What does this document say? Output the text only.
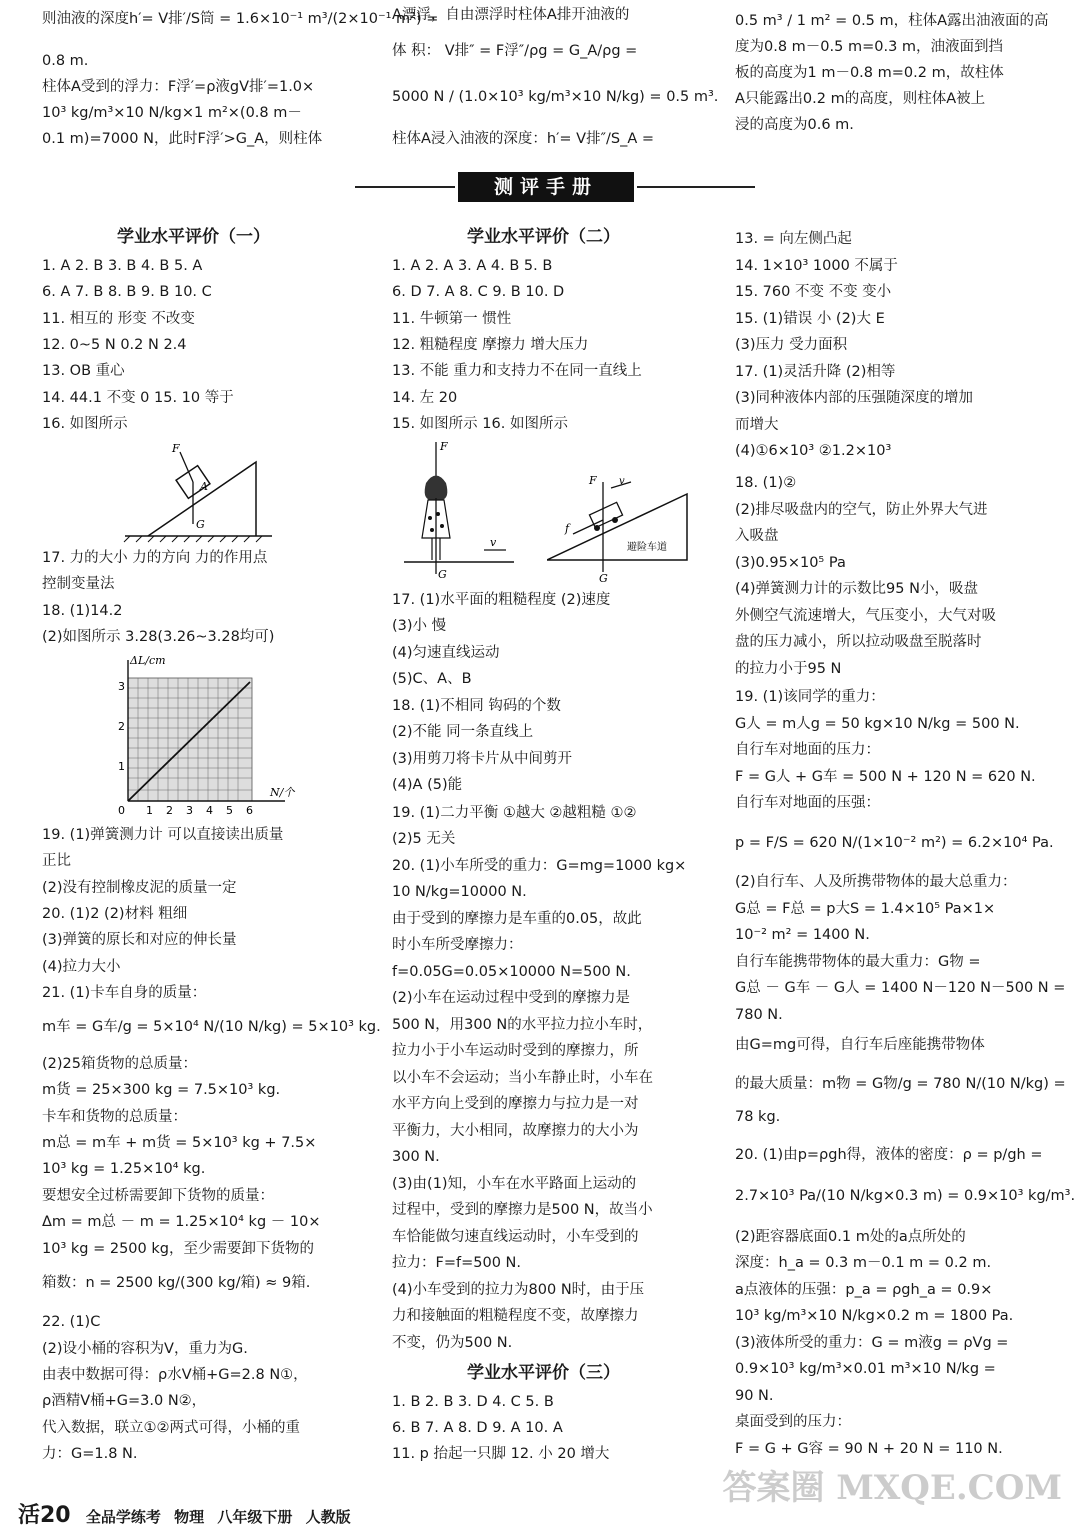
则油液的深度h′= V排′/S筒 = 1.6×10⁻¹ m³/(2×10⁻¹ m²) =
0.8 m.
柱体A受到的浮力：F浮′=ρ液gV排′=1.0×
10³ kg/m³×10 N/kg×1 m²×(0.8 m－
0.1 m)=7000 N，此时F浮′>G_A，则柱体
A漂浮，自由漂浮时柱体A排开油液的
体 积： V排″ = F浮″/ρg = G_A/ρg =
5000 N / (1.0×10³ kg/m³×10 N/kg) = 0.5 m³.
柱体A浸入油液的深度：h′= V排″/S_A =
0.5 m³ / 1 m² = 0.5 m，柱体A露出油液面的高
度为0.8 m－0.5 m=0.3 m，油液面到挡
板的高度为1 m－0.8 m=0.2 m，故柱体
A只能露出0.2 m的高度，则柱体A被上
浸的高度为0.6 m.
测评手册
学业水平评价（一）
1. A 2. B 3. B 4. B 5. A
6. A 7. B 8. B 9. B 10. C
11. 相互的 形变 不改变
12. 0~5 N 0.2 N 2.4
13. OB 重心
14. 44.1 不变 0 15. 10 等于
16. 如图所示
A
F
G
17. 力的大小 力的方向 力的作用点
控制变量法
18. (1)14.2
(2)如图所示 3.28(3.26~3.28均可)
ΔL/cm
N/个
3
2
1
0 1 2 3 4 5 6
19. (1)弹簧测力计 可以直接读出质量
正比
(2)没有控制橡皮泥的质量一定
20. (1)2 (2)材料 粗细
(3)弹簧的原长和对应的伸长量
(4)拉力大小
21. (1)卡车自身的质量：
m车 = G车/g = 5×10⁴ N/(10 N/kg) = 5×10³ kg.
(2)25箱货物的总质量：
m货 = 25×300 kg = 7.5×10³ kg.
卡车和货物的总质量：
m总 = m车 + m货 = 5×10³ kg + 7.5×
10³ kg = 1.25×10⁴ kg.
要想安全过桥需要卸下货物的质量：
Δm = m总 － m = 1.25×10⁴ kg － 10×
10³ kg = 2500 kg，至少需要卸下货物的
箱数：n = 2500 kg/(300 kg/箱) ≈ 9箱.
22. (1)C
(2)设小桶的容积为V，重力为G.
由表中数据可得：ρ水V桶+G=2.8 N①，
ρ酒精V桶+G=3.0 N②，
代入数据，联立①②两式可得，小桶的重
力：G=1.8 N.
学业水平评价（二）
1. A 2. A 3. A 4. B 5. B
6. D 7. A 8. C 9. B 10. D
11. 牛顿第一 惯性
12. 粗糙程度 摩擦力 增大压力
13. 不能 重力和支持力不在同一直线上
14. 左 20
15. 如图所示 16. 如图所示
F
G
v
F v
f
G
避险车道
17. (1)水平面的粗糙程度 (2)速度
(3)小 慢
(4)匀速直线运动
(5)C、A、B
18. (1)不相同 钩码的个数
(2)不能 同一条直线上
(3)用剪刀将卡片从中间剪开
(4)A (5)能
19. (1)二力平衡 ①越大 ②越粗糙 ①②
(2)5 无关
20. (1)小车所受的重力：G=mg=1000 kg×
10 N/kg=10000 N.
由于受到的摩擦力是车重的0.05，故此
时小车所受摩擦力：
f=0.05G=0.05×10000 N=500 N.
(2)小车在运动过程中受到的摩擦力是
500 N，用300 N的水平拉力拉小车时，
拉力小于小车运动时受到的摩擦力，所
以小车不会运动；当小车静止时，小车在
水平方向上受到的摩擦力与拉力是一对
平衡力，大小相同，故摩擦力的大小为
300 N.
(3)由(1)知，小车在水平路面上运动的
过程中，受到的摩擦力是500 N，故当小
车恰能做匀速直线运动时，小车受到的
拉力：F=f=500 N.
(4)小车受到的拉力为800 N时，由于压
力和接触面的粗糙程度不变，故摩擦力
不变，仍为500 N.
学业水平评价（三）
1. B 2. B 3. D 4. C 5. B
6. B 7. A 8. D 9. A 10. A
11. p 抬起一只脚 12. 小 20 增大
13. = 向左侧凸起
14. 1×10³ 1000 不属于
15. 760 不变 不变 变小
15. (1)错误 小 (2)大 E
(3)压力 受力面积
17. (1)灵活升降 (2)相等
(3)同种液体内部的压强随深度的增加
而增大
(4)①6×10³ ②1.2×10³
18. (1)②
(2)排尽吸盘内的空气，防止外界大气进
入吸盘
(3)0.95×10⁵ Pa
(4)弹簧测力计的示数比95 N小，吸盘
外侧空气流速增大，气压变小，大气对吸
盘的压力减小，所以拉动吸盘至脱落时
的拉力小于95 N
19. (1)该同学的重力：
G人 = m人g = 50 kg×10 N/kg = 500 N.
自行车对地面的压力：
F = G人 + G车 = 500 N + 120 N = 620 N.
自行车对地面的压强：
p = F/S = 620 N/(1×10⁻² m²) = 6.2×10⁴ Pa.
(2)自行车、人及所携带物体的最大总重力：
G总 = F总 = p大S = 1.4×10⁵ Pa×1×
10⁻² m² = 1400 N.
自行车能携带物体的最大重力：G物 =
G总 － G车 － G人 = 1400 N－120 N－500 N =
780 N.
由G=mg可得，自行车后座能携带物体
的最大质量：m物 = G物/g = 780 N/(10 N/kg) =
78 kg.
20. (1)由p=ρgh得，液体的密度：ρ = p/gh =
2.7×10³ Pa/(10 N/kg×0.3 m) = 0.9×10³ kg/m³.
(2)距容器底面0.1 m处的a点所处的
深度：h_a = 0.3 m－0.1 m = 0.2 m.
a点液体的压强：p_a = ρgh_a = 0.9×
10³ kg/m³×10 N/kg×0.2 m = 1800 Pa.
(3)液体所受的重力：G = m液g = ρVg =
0.9×10³ kg/m³×0.01 m³×10 N/kg =
90 N.
桌面受到的压力：
F = G + G容 = 90 N + 20 N = 110 N.
活20 全品学练考 物理 八年级下册 人教版
答案圈 MXQE.COM
